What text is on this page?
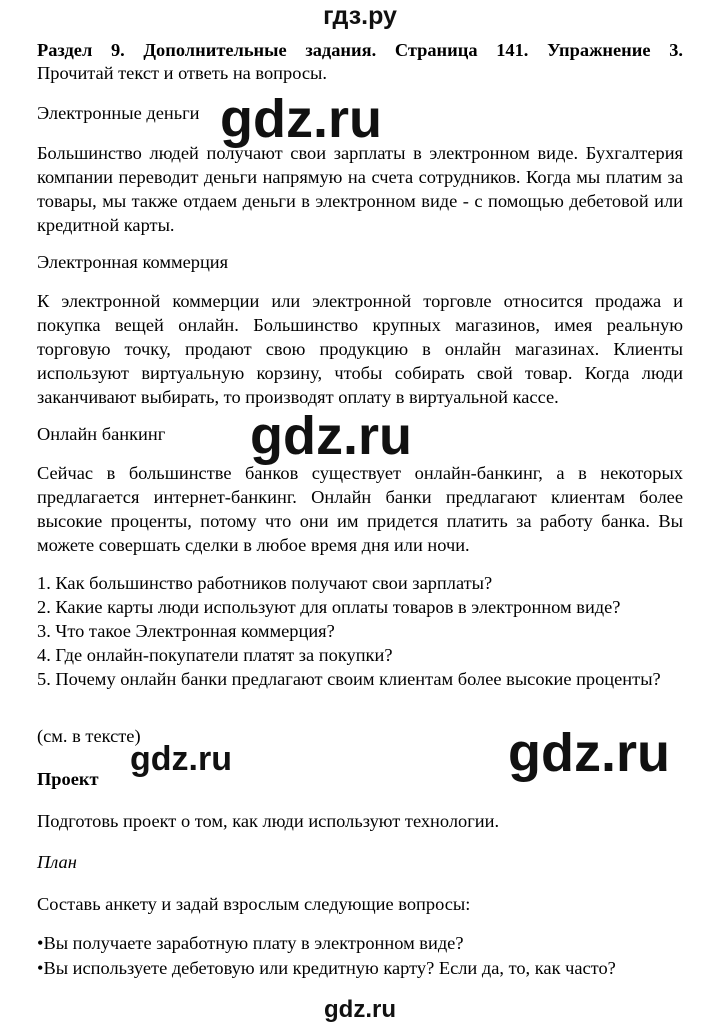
гдз.ру
Раздел 9. Дополнительные задания. Страница 141. Упражнение 3.
Прочитай текст и ответь на вопросы.
Электронные деньги
Большинство людей получают свои зарплаты в электронном виде. Бухгалтерия компании переводит деньги напрямую на счета сотрудников. Когда мы платим за товары, мы также отдаем деньги в электронном виде - с помощью дебетовой или кредитной карты.
Электронная коммерция
К электронной коммерции или электронной торговле относится продажа и покупка вещей онлайн. Большинство крупных магазинов, имея реальную торговую точку, продают свою продукцию в онлайн магазинах. Клиенты используют виртуальную корзину, чтобы собирать свой товар. Когда люди заканчивают выбирать, то производят оплату в виртуальной кассе.
Онлайн банкинг
Сейчас в большинстве банков существует онлайн-банкинг, а в некоторых предлагается интернет-банкинг. Онлайн банки предлагают клиентам более высокие проценты, потому что они им придется платить за работу банка. Вы можете совершать сделки в любое время дня или ночи.
1. Как большинство работников получают свои зарплаты?
2. Какие карты люди используют для оплаты товаров в электронном виде?
3. Что такое Электронная коммерция?
4. Где онлайн-покупатели платят за покупки?
5. Почему онлайн банки предлагают своим клиентам более высокие проценты?
(см. в тексте)
Проект
Подготовь проект о том, как люди используют технологии.
План
Составь анкету и задай взрослым следующие вопросы:
•Вы получаете заработную плату в электронном виде?
•Вы используете дебетовую или кредитную карту? Если да, то, как часто?
gdz.ru
gdz.ru
gdz.ru	gdz.ru
gdz.ru
